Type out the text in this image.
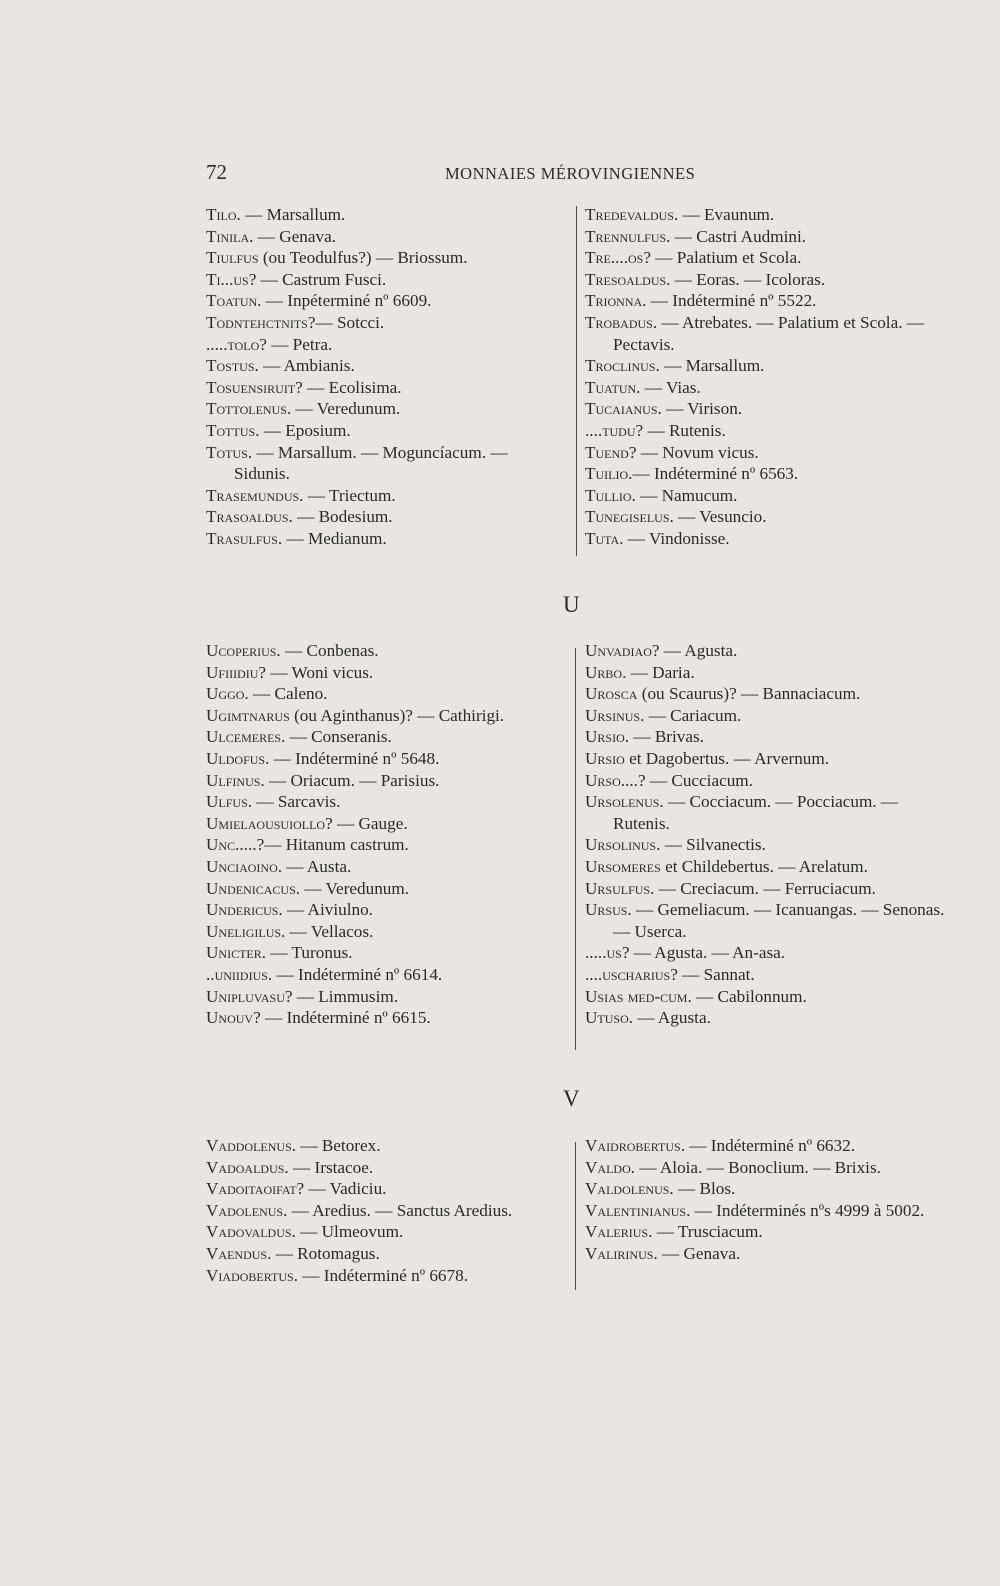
72	MONNAIES MÉROVINGIENNES

Tilo. — Marsallum.

Tinila. — Genava.

Tiulfus (ou Teodulfus?) — Briossum.

Ti...us? — Castrum Fusci.

Toatun. — Inpéterminé nº 6609.

Todntehctnits?— Sotcci.

.....tolo? — Petra.

Tostus. — Ambianis.

Tosuensiruit? — Ecolisima.

Tottolenus. — Veredunum.

Tottus. — Eposium.

Totus. — Marsallum. — Moguncíacum. — Sidunis.

Trasemundus. — Triectum.

Trasoaldus. — Bodesium.

Trasulfus. — Medianum.

Tredevaldus. — Evaunum.

Trennulfus. — Castri Audmini.

Tre....os? — Palatium et Scola.

Tresoaldus. — Eoras. — Icoloras.

Trionna. — Indéterminé nº 5522.

Trobadus. — Atrebates. — Palatium et Scola. — Pectavis.

Troclinus. — Marsallum.

Tuatun. — Vias.

Tucaianus. — Virison.

....tudu? — Rutenis.

Tuend? — Novum vicus.

Tuilio.— Indéterminé nº 6563.

Tullio. — Namucum.

Tunegiselus. — Vesuncio.

Tuta. — Vindonisse.

U

Ucoperius. — Conbenas.

Ufiiidiu? — Woni vicus.

Uggo. — Caleno.

Ugimtnarus (ou Aginthanus)? — Cathirigi.

Ulcemeres. — Conseranis.

Uldofus. — Indéterminé nº 5648.

Ulfinus. — Oriacum. — Parisius.

Ulfus. — Sarcavis.

Umielaousuiollo? — Gauge.

Unc.....?— Hitanum castrum.

Unciaoino. — Austa.

Undenicacus. — Veredunum.

Undericus. — Aiviulno.

Uneligilus. — Vellacos.

Unicter. — Turonus.

..uniidius. — Indéterminé nº 6614.

Unipluvasu? — Limmusim.

Unouv? — Indéterminé nº 6615.

Unvadiao? — Agusta.

Urbo. — Daria.

Urosca (ou Scaurus)? — Bannaciacum.

Ursinus. — Cariacum.

Ursio. — Brivas.

Ursio et Dagobertus. — Arvernum.

Urso....? — Cucciacum.

Ursolenus. — Cocciacum. — Pocciacum. — Rutenis.

Ursolinus. — Silvanectis.

Ursomeres et Childebertus. — Arelatum.

Ursulfus. — Creciacum. — Ferruciacum.

Ursus. — Gemeliacum. — Icanuangas. — Senonas. — Userca.

.....us? — Agusta. — An-asa.

....uscharius? — Sannat.

Usias med-cum. — Cabilonnum.

Utuso. — Agusta.

V

Vaddolenus. — Betorex.

Vadoaldus. — Irstacoe.

Vadoitaoifat? — Vadiciu.

Vadolenus. — Aredius. — Sanctus Aredius.

Vadovaldus. — Ulmeovum.

Vaendus. — Rotomagus.

Viadobertus. — Indéterminé nº 6678.

Vaidrobertus. — Indéterminé nº 6632.

Valdo. — Aloia. — Bonoclium. — Brixis.

Valdolenus. — Blos.

Valentinianus. — Indéterminés nºs 4999 à 5002.

Valerius. — Trusciacum.

Valirinus. — Genava.
